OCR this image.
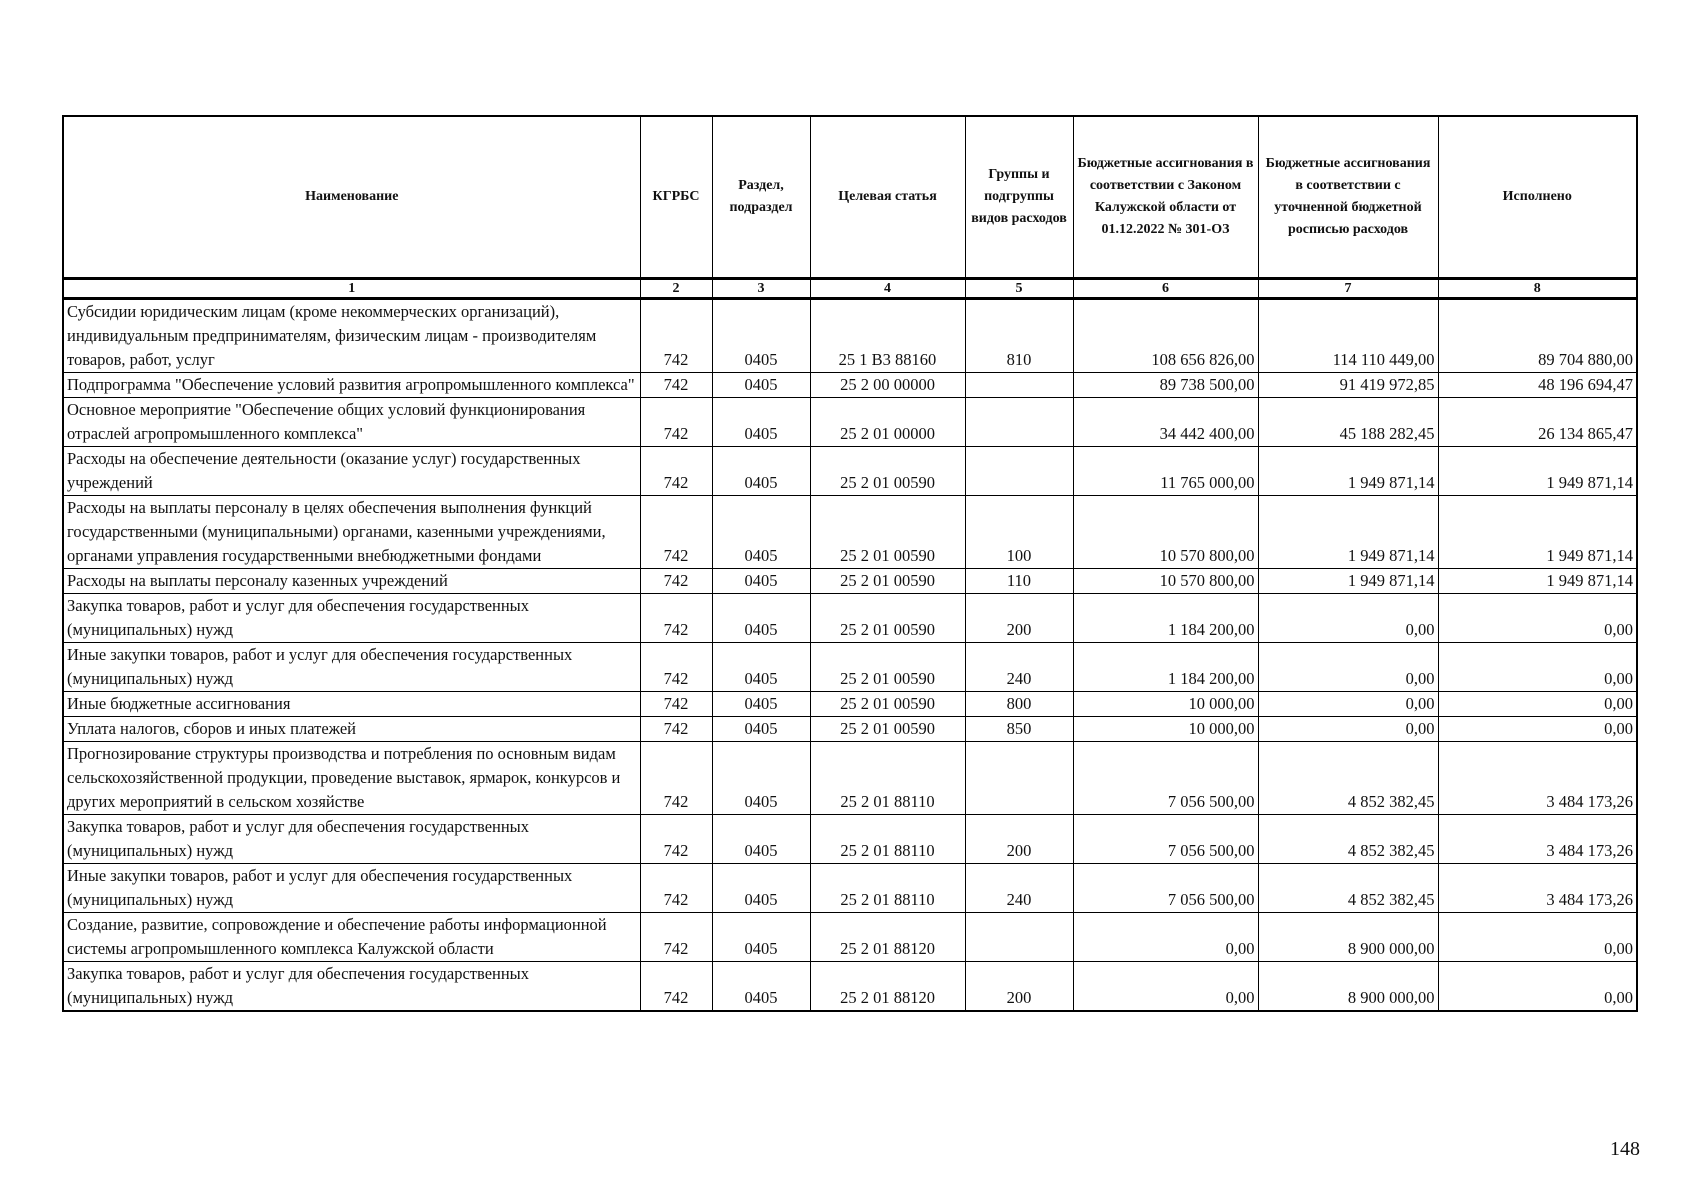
Наименование	КГРБС	Раздел, подраздел	Целевая статья	Группы и подгруппы видов расходов	Бюджетные ассигнования в соответствии с Законом Калужской области от 01.12.2022 № 301-ОЗ	Бюджетные ассигнования в соответствии с уточненной бюджетной росписью расходов	Исполнено
1	2	3	4	5	6	7	8
Субсидии юридическим лицам (кроме некоммерческих организаций), индивидуальным предпринимателям, физическим лицам - производителям товаров, работ, услуг	742	0405	25 1 В3 88160	810	108 656 826,00	114 110 449,00	89 704 880,00
Подпрограмма "Обеспечение условий развития агропромышленного комплекса"	742	0405	25 2 00 00000		89 738 500,00	91 419 972,85	48 196 694,47
Основное мероприятие "Обеспечение общих условий функционирования отраслей агропромышленного комплекса"	742	0405	25 2 01 00000		34 442 400,00	45 188 282,45	26 134 865,47
Расходы на обеспечение деятельности (оказание услуг) государственных учреждений	742	0405	25 2 01 00590		11 765 000,00	1 949 871,14	1 949 871,14
Расходы на выплаты персоналу в целях обеспечения выполнения функций государственными (муниципальными) органами, казенными учреждениями, органами управления государственными внебюджетными фондами	742	0405	25 2 01 00590	100	10 570 800,00	1 949 871,14	1 949 871,14
Расходы на выплаты персоналу казенных учреждений	742	0405	25 2 01 00590	110	10 570 800,00	1 949 871,14	1 949 871,14
Закупка товаров, работ и услуг для обеспечения государственных (муниципальных) нужд	742	0405	25 2 01 00590	200	1 184 200,00	0,00	0,00
Иные закупки товаров, работ и услуг для обеспечения государственных (муниципальных) нужд	742	0405	25 2 01 00590	240	1 184 200,00	0,00	0,00
Иные бюджетные ассигнования	742	0405	25 2 01 00590	800	10 000,00	0,00	0,00
Уплата налогов, сборов и иных платежей	742	0405	25 2 01 00590	850	10 000,00	0,00	0,00
Прогнозирование структуры производства и потребления по основным видам сельскохозяйственной продукции, проведение выставок, ярмарок, конкурсов и других мероприятий в сельском хозяйстве	742	0405	25 2 01 88110		7 056 500,00	4 852 382,45	3 484 173,26
Закупка товаров, работ и услуг для обеспечения государственных (муниципальных) нужд	742	0405	25 2 01 88110	200	7 056 500,00	4 852 382,45	3 484 173,26
Иные закупки товаров, работ и услуг для обеспечения государственных (муниципальных) нужд	742	0405	25 2 01 88110	240	7 056 500,00	4 852 382,45	3 484 173,26
Создание, развитие, сопровождение и обеспечение работы информационной системы агропромышленного комплекса Калужской области	742	0405	25 2 01 88120		0,00	8 900 000,00	0,00
Закупка товаров, работ и услуг для обеспечения государственных (муниципальных) нужд	742	0405	25 2 01 88120	200	0,00	8 900 000,00	0,00
148
